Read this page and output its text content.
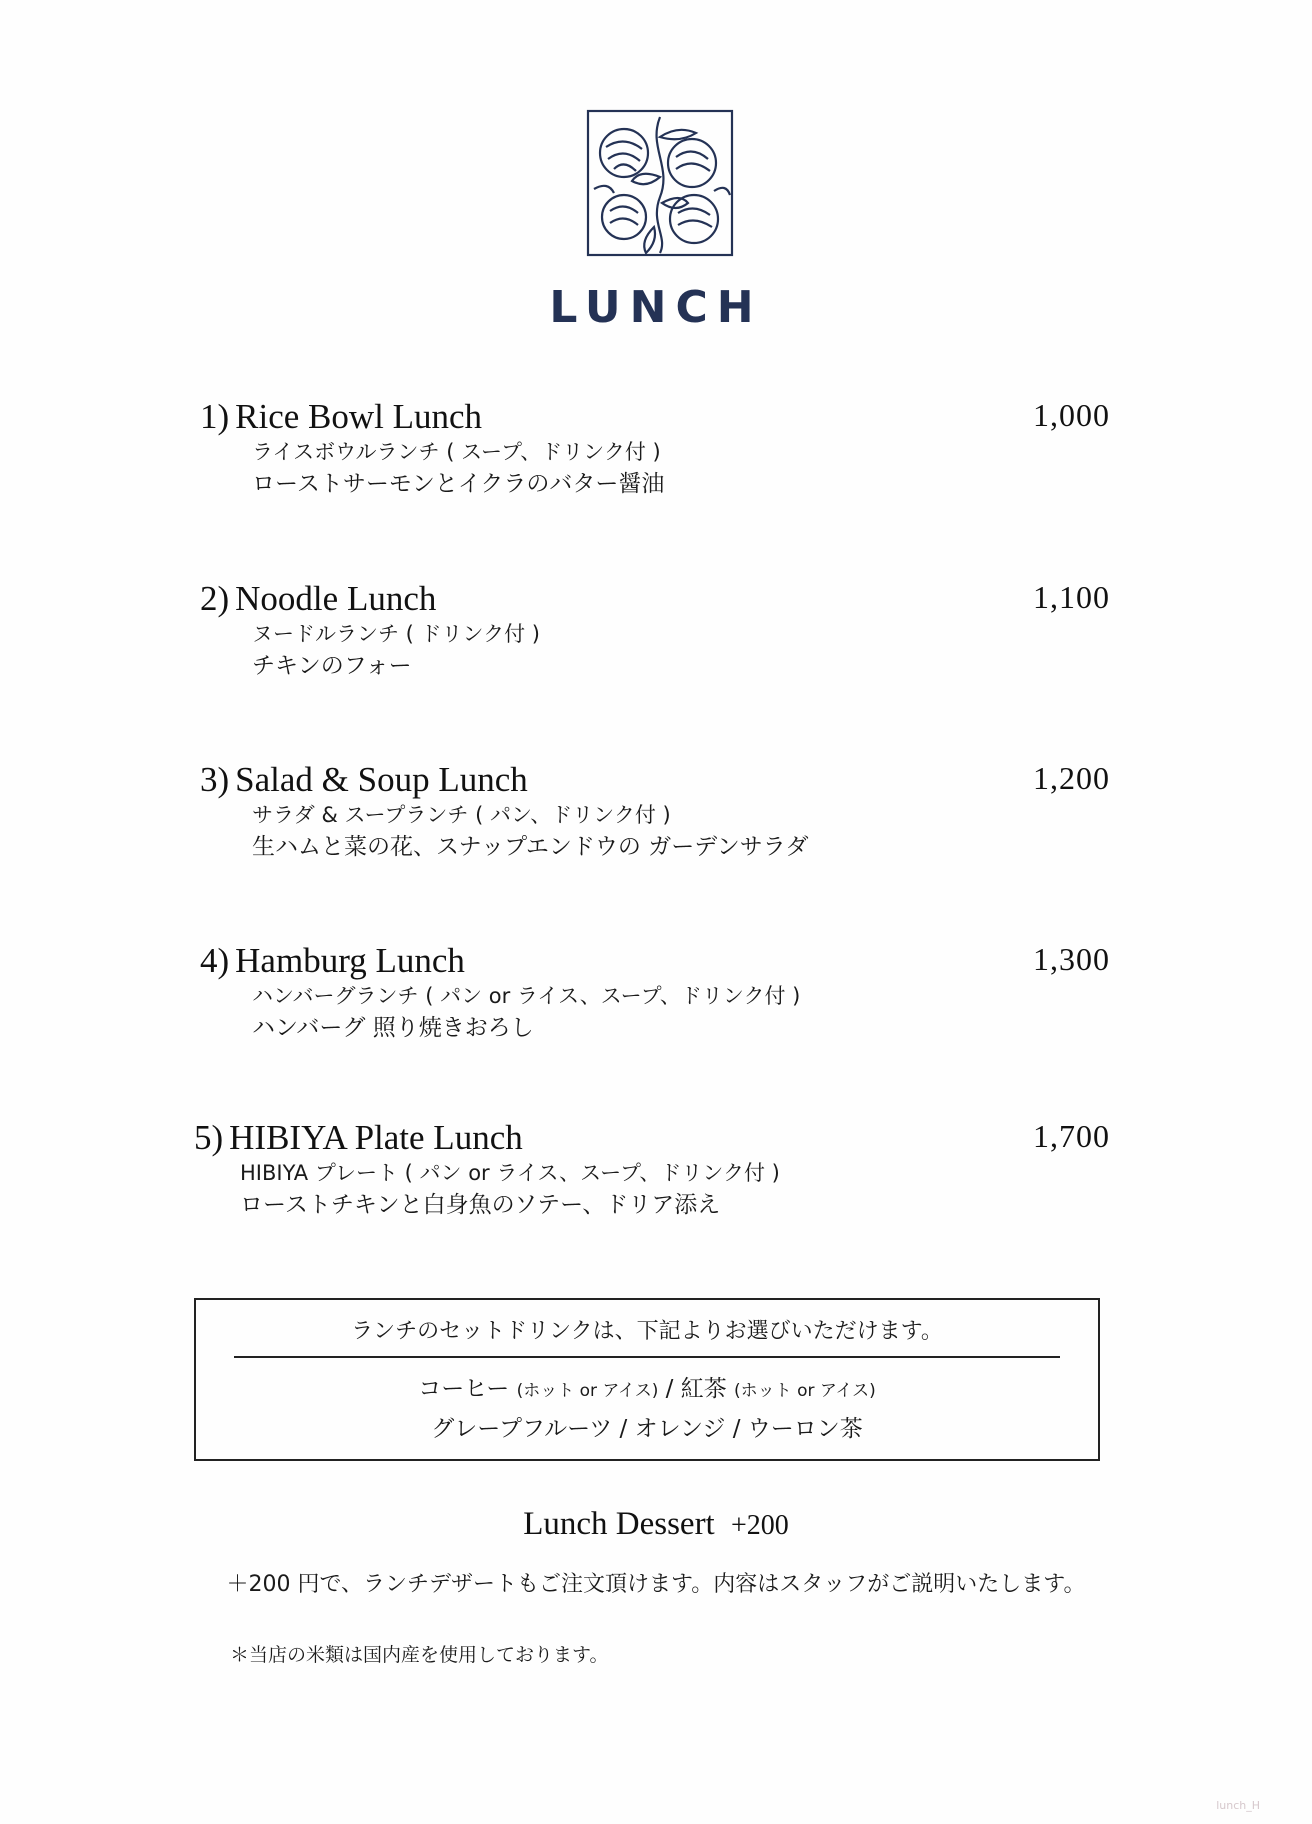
LUNCH
1) Rice Bowl Lunch	1,000
ライスボウルランチ ( スープ、ドリンク付 )
ローストサーモンとイクラのバター醤油
2) Noodle Lunch	1,100
ヌードルランチ ( ドリンク付 )
チキンのフォー
3) Salad & Soup Lunch	1,200
サラダ & スープランチ ( パン、ドリンク付 )
生ハムと菜の花、スナップエンドウの ガーデンサラダ
4) Hamburg Lunch	1,300
ハンバーグランチ ( パン or ライス、スープ、ドリンク付 )
ハンバーグ 照り焼きおろし
5) HIBIYA Plate Lunch	1,700
HIBIYA プレート ( パン or ライス、スープ、ドリンク付 )
ローストチキンと白身魚のソテー、ドリア添え
ランチのセットドリンクは、下記よりお選びいただけます。
コーヒー (ホット or アイス) / 紅茶 (ホット or アイス)
グレープフルーツ / オレンジ / ウーロン茶
Lunch Dessert +200
＋200 円で、ランチデザートもご注文頂けます。内容はスタッフがご説明いたします。
＊当店の米類は国内産を使用しております。
lunch_H
